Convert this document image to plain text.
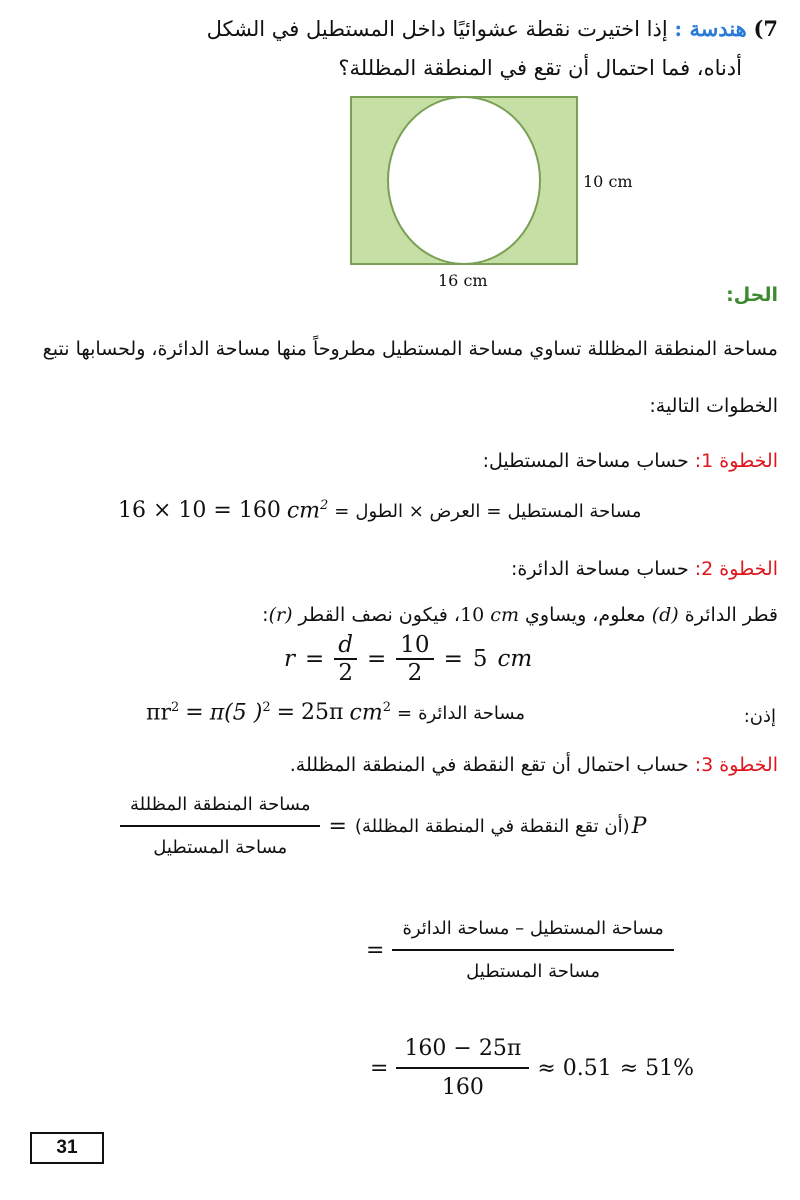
7) هندسة : إذا اختيرت نقطة عشوائيًا داخل المستطيل في الشكل
أدناه، فما احتمال أن تقع في المنطقة المظللة؟
10 cm
16 cm
الحل:
مساحة المنطقة المظللة تساوي مساحة المستطيل مطروحاً منها مساحة الدائرة، ولحسابها نتبع
الخطوات التالية:
الخطوة 1: حساب مساحة المستطيل:
16 × 10 = 160 $cm^2$ = العرض × الطول = مساحة المستطيل
الخطوة 2: حساب مساحة الدائرة:
قطر الدائرة (d) معلوم، ويساوي 10 cm، فيكون نصف القطر (r):
$r = \frac{d}{2} = \frac{10}{2} = 5$ cm
$\pi r^2 = \pi(5$ )$^2$ = 25π $cm^2$ = مساحة الدائرة	إذن:
الخطوة 3: حساب احتمال أن تقع النقطة في المنطقة المظللة.
$\frac{\text{مساحة المنطقة المظللة}}{\text{مساحة المستطيل}}$ = (أن تقع النقطة في المنطقة المظللة) P
= $\frac{\text{مساحة المستطيل – مساحة الدائرة}}{\text{مساحة المستطيل}}$
= $\frac{160 - 25\pi}{160} \approx 0.51 \approx 51\%$
31
